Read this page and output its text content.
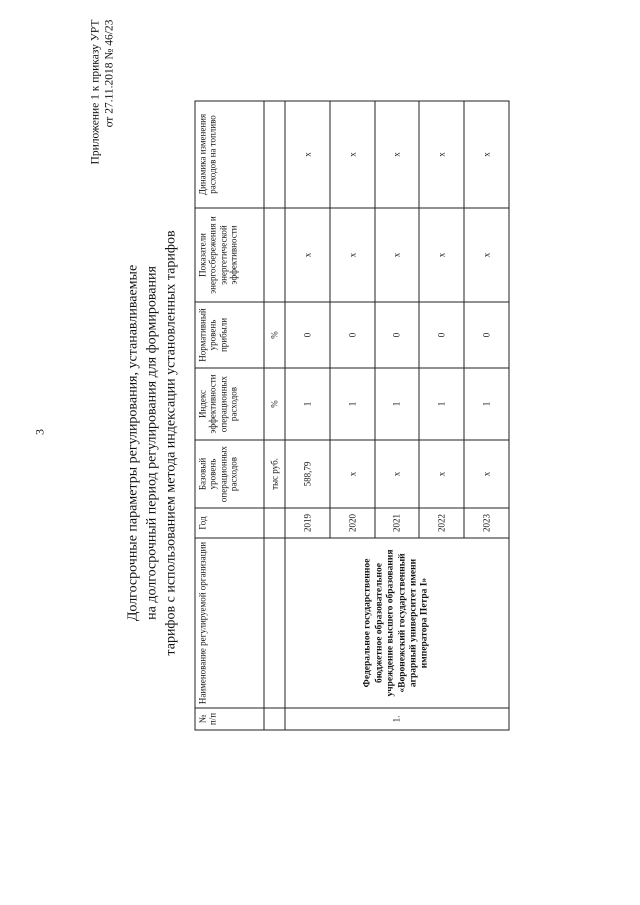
3
Приложение 1 к приказу УРТ от 27.11.2018 № 46/23
Долгосрочные параметры регулирования, устанавливаемые на долгосрочный период регулирования для формирования тарифов с использованием метода индексации установленных тарифов
№ п/п	Наименование регулируемой организации	Год	Базовый уровень операционных расходов	Индекс эффективности операционных расходов	Нормативный уровень прибыли	Показатели энергосбережения и энергетической эффективности	Динамика изменения расходов на топливо
			тыс руб.	%	%		
1.	Федеральное государственное бюджетное образовательное учреждение высшего образования «Воронежский государственный аграрный университет имени императора Петра I»	2019	588,79	1	0	х	х
		2020	х	1	0	х	х
		2021	х	1	0	х	х
		2022	х	1	0	х	х
		2023	х	1	0	х	х
